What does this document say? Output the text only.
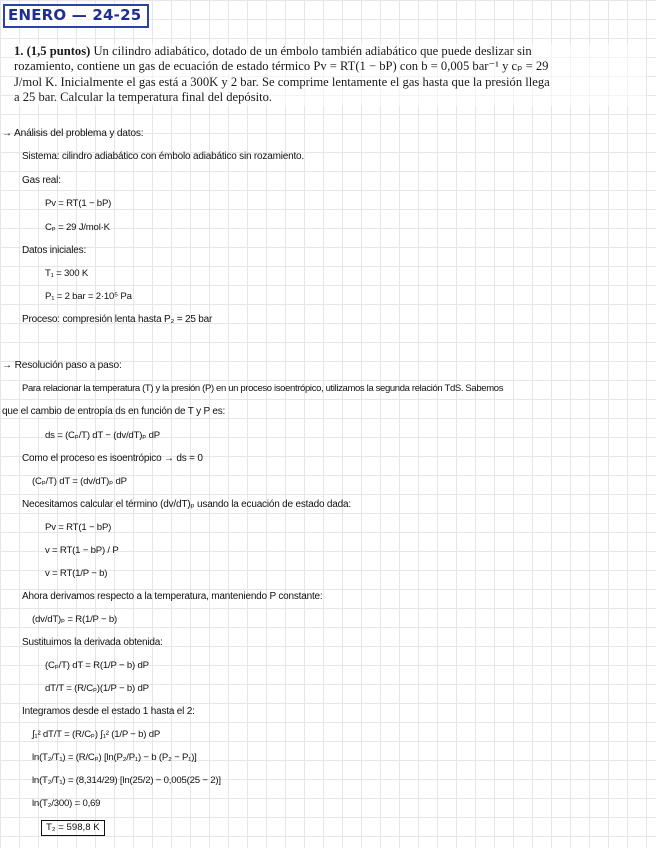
ENERO — 24-25
1. (1,5 puntos) Un cilindro adiabático, dotado de un émbolo también adiabático que puede deslizar sin
rozamiento, contiene un gas de ecuación de estado térmico Pv = RT(1 − bP) con b = 0,005 bar⁻¹ y cₚ = 29
J/mol K. Inicialmente el gas está a 300K y 2 bar. Se comprime lentamente el gas hasta que la presión llega
a 25 bar. Calcular la temperatura final del depósito.
→ Análisis del problema y datos:
Sistema: cilindro adiabático con émbolo adiabático sin rozamiento.
Gas real:
Pv = RT(1 − bP)
Cₚ = 29 J/mol·K
Datos iniciales:
T₁ = 300 K
P₁ = 2 bar = 2·10⁵ Pa
Proceso: compresión lenta hasta P₂ = 25 bar
→ Resolución paso a paso:
Para relacionar la temperatura (T) y la presión (P) en un proceso isoentrópico, utilizamos la segunda relación TdS. Sabemos
que el cambio de entropía ds en función de T y P es:
ds = (Cₚ/T) dT − (dv/dT)ₚ dP
Como el proceso es isoentrópico → ds = 0
(Cₚ/T) dT = (dv/dT)ₚ dP
Necesitamos calcular el término (dv/dT)ₚ usando la ecuación de estado dada:
Pv = RT(1 − bP)
v = RT(1 − bP) / P
v = RT(1/P − b)
Ahora derivamos respecto a la temperatura, manteniendo P constante:
(dv/dT)ₚ = R(1/P − b)
Sustituimos la derivada obtenida:
(Cₚ/T) dT = R(1/P − b) dP
dT/T = (R/Cₚ)(1/P − b) dP
Integramos desde el estado 1 hasta el 2:
∫₁² dT/T = (R/Cₚ) ∫₁² (1/P − b) dP
ln(T₂/T₁) = (R/Cₚ) [ln(P₂/P₁) − b (P₂ − P₁)]
ln(T₂/T₁) = (8,314/29) [ln(25/2) − 0,005(25 − 2)]
ln(T₂/300) = 0,69
T₂ = 598,8 K
